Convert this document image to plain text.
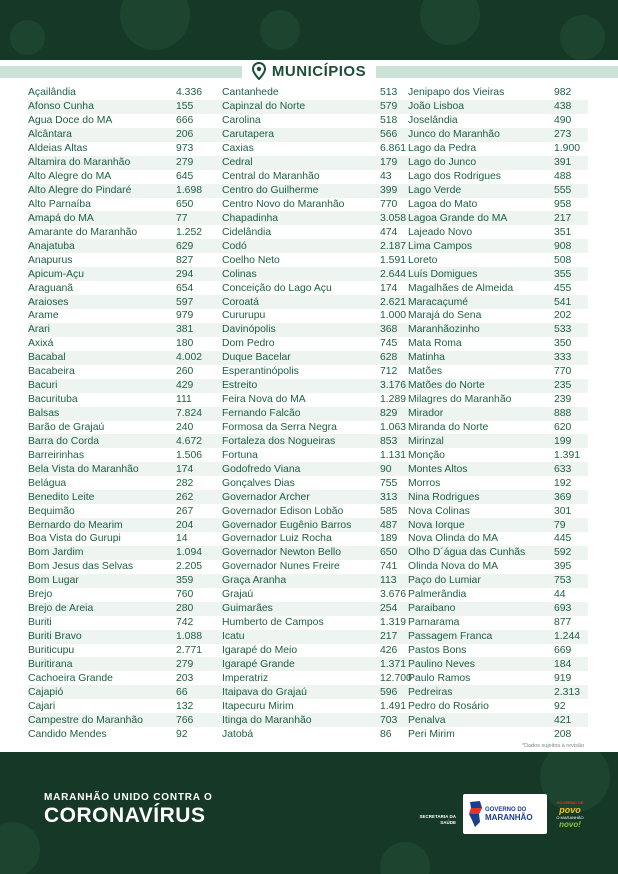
MUNICÍPIOS
Açailândia	4.336
Afonso Cunha	155
Água Doce do MA	666
Alcântara	206
Aldeias Altas	973
Altamira do Maranhão	279
Alto Alegre do MA	645
Alto Alegre do Pindaré	1.698
Alto Parnaíba	650
Amapá do MA	77
Amarante do Maranhão	1.252
Anajatuba	629
Anapurus	827
Apicum-Açu	294
Araguanã	654
Araioses	597
Arame	979
Arari	381
Axixá	180
Bacabal	4.002
Bacabeira	260
Bacuri	429
Bacurituba	111
Balsas	7.824
Barão de Grajaú	240
Barra do Corda	4.672
Barreirinhas	1.506
Bela Vista do Maranhão	174
Belágua	282
Benedito Leite	262
Bequimão	267
Bernardo do Mearim	204
Boa Vista do Gurupi	14
Bom Jardim	1.094
Bom Jesus das Selvas	2.205
Bom Lugar	359
Brejo	760
Brejo de Areia	280
Buriti	742
Buriti Bravo	1.088
Buriticupu	2.771
Buritirana	279
Cachoeira Grande	203
Cajapió	66
Cajari	132
Campestre do Maranhão	766
Candido Mendes	92
Cantanhede	513
Capinzal do Norte	579
Carolina	518
Carutapera	566
Caxias	6.861
Cedral	179
Central do Maranhão	43
Centro do Guilherme	399
Centro Novo do Maranhão	770
Chapadinha	3.058
Cidelândia	474
Codó	2.187
Coelho Neto	1.591
Colinas	2.644
Conceição do Lago Açu	174
Coroatá	2.621
Cururupu	1.000
Davinópolis	368
Dom Pedro	745
Duque Bacelar	628
Esperantinópolis	712
Estreito	3.176
Feira Nova do MA	1.289
Fernando Falcão	829
Formosa da Serra Negra	1.063
Fortaleza dos Nogueiras	853
Fortuna	1.131
Godofredo Viana	90
Gonçalves Dias	755
Governador Archer	313
Governador Edison Lobão	585
Governador Eugênio Barros	487
Governador Luiz Rocha	189
Governador Newton Bello	650
Governador Nunes Freire	741
Graça Aranha	113
Grajaú	3.676
Guimarães	254
Humberto de Campos	1.319
Icatu	217
Igarapé do Meio	426
Igarapé Grande	1.371
Imperatriz	12.700
Itaipava do Grajaú	596
Itapecuru Mirim	1.491
Itinga do Maranhão	703
Jatobá	86
Jenipapo dos Vieiras	982
João Lisboa	438
Joselândia	490
Junco do Maranhão	273
Lago da Pedra	1.900
Lago do Junco	391
Lago dos Rodrigues	488
Lago Verde	555
Lagoa do Mato	958
Lagoa Grande do MA	217
Lajeado Novo	351
Lima Campos	908
Loreto	508
Luís Domigues	355
Magalhães de Almeida	455
Maracaçumé	541
Marajá do Sena	202
Maranhãozinho	533
Mata Roma	350
Matinha	333
Matões	770
Matões do Norte	235
Milagres do Maranhão	239
Mirador	888
Miranda do Norte	620
Mirinzal	199
Monção	1.391
Montes Altos	633
Morros	192
Nina Rodrigues	369
Nova Colinas	301
Nova Iorque	79
Nova Olinda do MA	445
Olho D´água das Cunhãs	592
Olinda Nova do MA	395
Paço do Lumiar	753
Palmerândia	44
Paraibano	693
Parnarama	877
Passagem Franca	1.244
Pastos Bons	669
Paulino Neves	184
Paulo Ramos	919
Pedreiras	2.313
Pedro do Rosário	92
Penalva	421
Peri Mirim	208
*Dados sujeitos à revisão
MARANHÃO UNIDO CONTRA O
CORONAVÍRUS	SECRETARIA DA
SAÚDE
GOVERNO DO
MARANHÃO
GOVERNO DE
povo
O MARANHÃO
novo!
